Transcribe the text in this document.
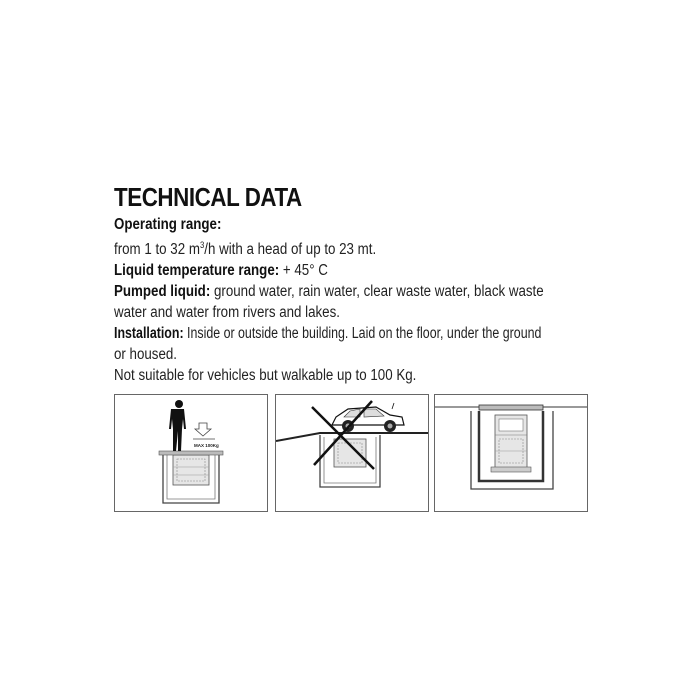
TECHNICAL DATA
Operating range:
from 1 to 32 $m^3/h$ with a head of up to 23 mt.
Liquid temperature range: + 45° C
Pumped liquid: ground water, rain water, clear waste water, black waste
water and water from rivers and lakes.
Installation: Inside or outside the building. Laid on the floor, under the ground
or housed.
Not suitable for vehicles but walkable up to 100 Kg.
MAX 100Kg
